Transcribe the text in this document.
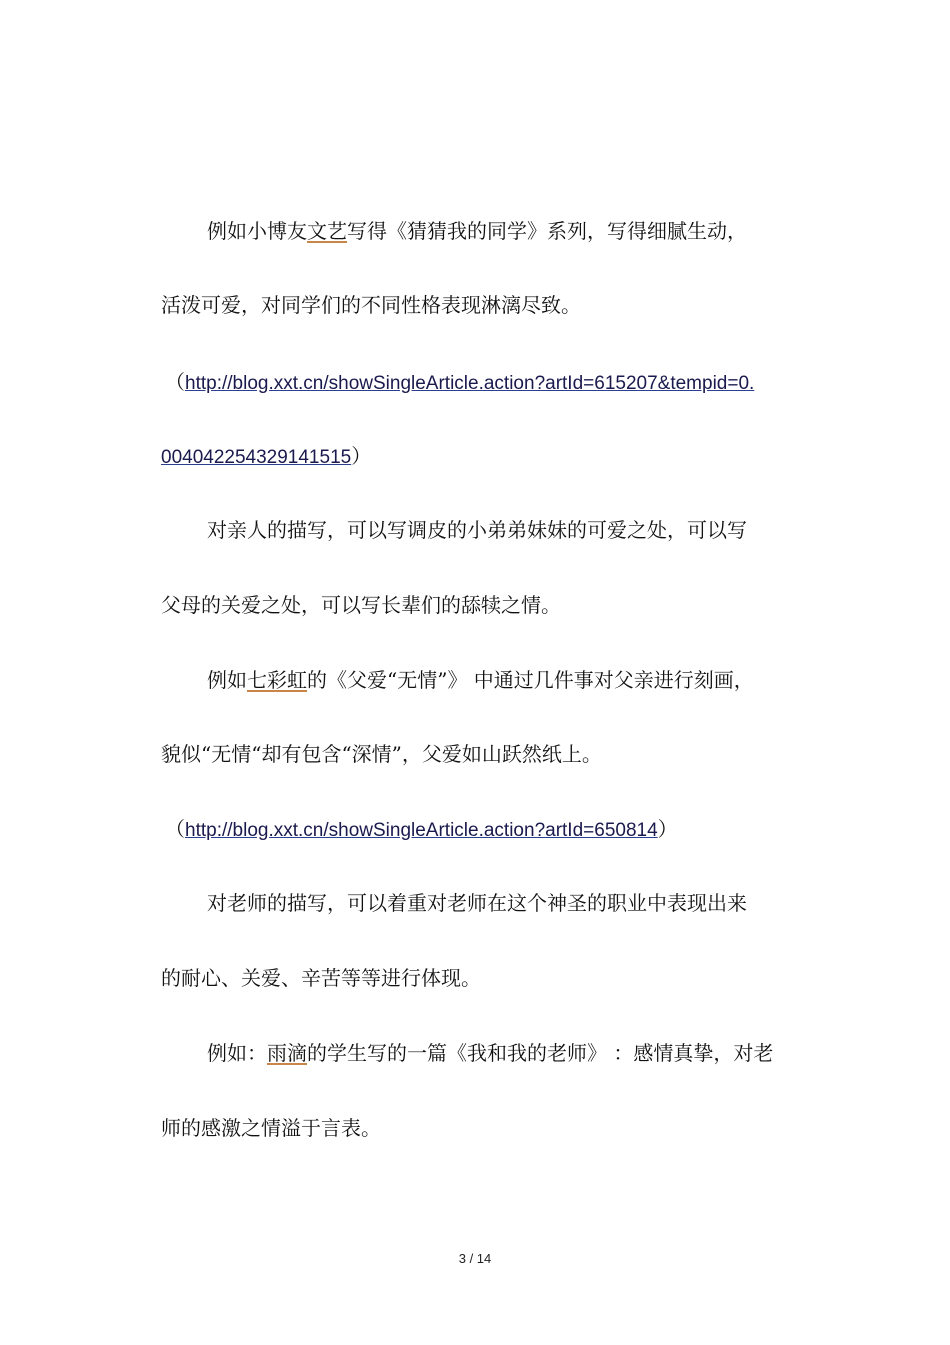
例如小博友文艺写得《猜猜我的同学》系列，写得细腻生动，
活泼可爱，对同学们的不同性格表现淋漓尽致。
（http://blog.xxt.cn/showSingleArticle.action?artId=615207&tempid=0.
004042254329141515）
对亲人的描写，可以写调皮的小弟弟妹妹的可爱之处，可以写
父母的关爱之处，可以写长辈们的舔犊之情。
例如七彩虹的《父爱“无情”》 中通过几件事对父亲进行刻画，
貌似“无情“却有包含“深情”，父爱如山跃然纸上。
（http://blog.xxt.cn/showSingleArticle.action?artId=650814）
对老师的描写，可以着重对老师在这个神圣的职业中表现出来
的耐心、关爱、辛苦等等进行体现。
例如：雨滴的学生写的一篇《我和我的老师》 ：感情真挚，对老
师的感激之情溢于言表。
3 / 14
